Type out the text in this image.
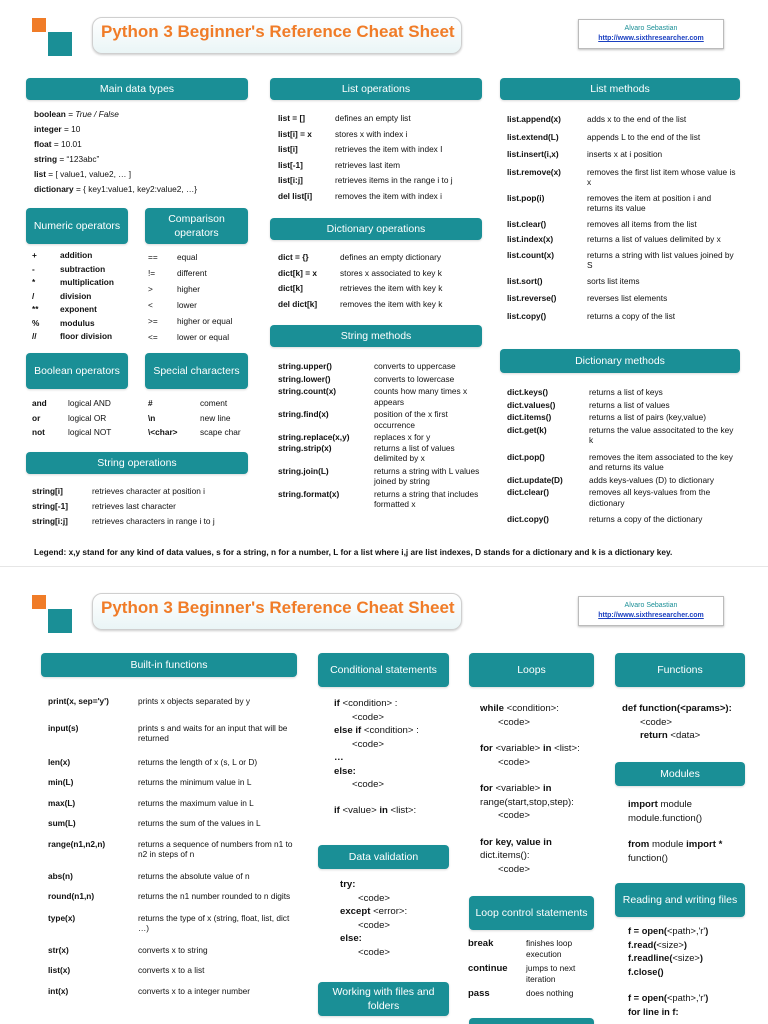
Python 3 Beginner's Reference Cheat Sheet	Alvaro Sebastian
http://www.sixthresearcher.com
Main data types
boolean = True / False
integer = 10
float = 10.01
string = “123abc”
list = [ value1, value2, … ]
dictionary = { key1:value1, key2:value2, …}
Numeric operators
+	addition
-	subtraction
*	multiplication
/	division
**	exponent
%	modulus
//	floor division
Comparison operators
==	equal
!=	different
>	higher
<	lower
>=	higher or equal
<=	lower or equal
Boolean operators
and	logical AND
or	logical OR
not	logical NOT
Special characters
#	coment
\n	new line
\<char>	scape char
String operations
string[i]	retrieves character at position i
string[-1]	retrieves last character
string[i:j]	retrieves characters in range i to j
List operations
list = []	defines an empty list
list[i] = x	stores x with index i
list[i]	retrieves the item with index I
list[-1]	retrieves last item
list[i:j]	retrieves items in the range i to j
del list[i]	removes the item with index i
Dictionary operations
dict = {}	defines an empty dictionary
dict[k] = x	stores x associated to key k
dict[k]	retrieves the item with key k
del dict[k]	removes the item with key k
String methods
string.upper()	converts to uppercase
string.lower()	converts to lowercase
string.count(x)	counts how many times x appears
string.find(x)	position of the x first occurrence
string.replace(x,y)	replaces x for y
string.strip(x)	returns a list of values delimited by x
string.join(L)	returns a string with L values joined by string
string.format(x)	returns a string that includes formatted x
List methods
list.append(x)	adds x to the end of the list
list.extend(L)	appends L to the end of the list
list.insert(i,x)	inserts x at i position
list.remove(x)	removes the first list item whose value is x
list.pop(i)	removes the item at position i and returns its value
list.clear()	removes all items from the list
list.index(x)	returns a list of values delimited by x
list.count(x)	returns a string with list values joined by S
list.sort()	sorts list items
list.reverse()	reverses list elements
list.copy()	returns a copy of the list
Dictionary methods
dict.keys()	returns a list of keys
dict.values()	returns a list of values
dict.items()	returns a list of pairs (key,value)
dict.get(k)	returns the value associtated to the key k
dict.pop()	removes the item associated to the key and returns its value
dict.update(D)	adds keys-values (D) to dictionary
dict.clear()	removes all keys-values from the dictionary
dict.copy()	returns a copy of the dictionary
Legend: x,y stand for any kind of data values, s for a string, n for a number, L for a list where i,j are list indexes, D stands for a dictionary and k is a dictionary key.
Python 3 Beginner's Reference Cheat Sheet	Alvaro Sebastian
http://www.sixthresearcher.com
Built-in functions
print(x, sep='y')	prints x objects separated by y
input(s)	prints s and waits for an input that will be returned
len(x)	returns the length of x (s, L or D)
min(L)	returns the minimum value in L
max(L)	returns the maximum value in L
sum(L)	returns the sum of the values in L
range(n1,n2,n)	returns a sequence of numbers from n1 to n2 in steps of n
abs(n)	returns the absolute value of n
round(n1,n)	returns the n1 number rounded to n digits
type(x)	returns the type of x (string, float, list, dict …)
str(x)	converts x to string
list(x)	converts x to a list
int(x)	converts x to a integer number
Conditional statements
if <condition> :
<code>
else if <condition> :
<code>
…
else:
<code>
if <value> in <list>:
Data validation
try:
<code>
except <error>:
<code>
else:
<code>
Working with files and folders
Loops
while <condition>:
<code>
for <variable> in <list>:
<code>
for <variable> in
range(start,stop,step):
<code>
for key, value in
dict.items():
<code>
Loop control statements
break	finishes loop execution
continue	jumps to next iteration
pass	does nothing
Functions
def function(<params>):
<code>
return <data>
Modules
import module
module.function()
from module import *
function()
Reading and writing files
f = open(<path>,'r')
f.read(<size>)
f.readline(<size>)
f.close()
f = open(<path>,'r')
for line in f:
